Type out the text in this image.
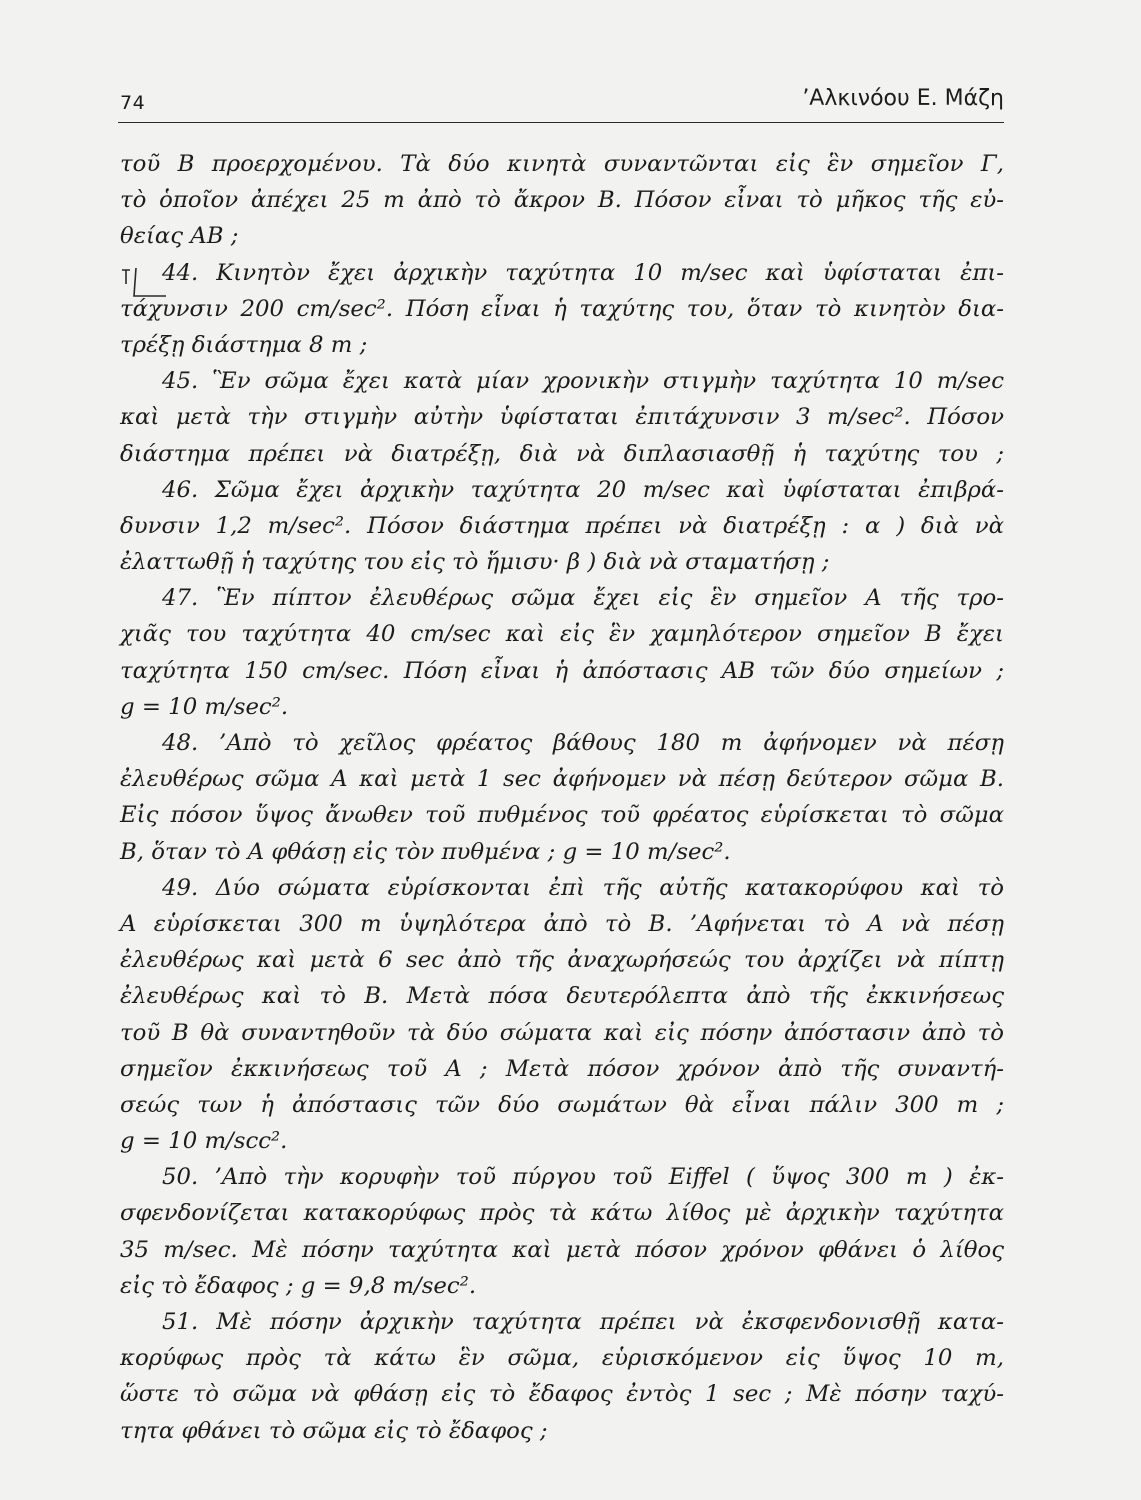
74	’Αλκινόου Ε. Μάζη
τοῦ Β προερχομένου. Τὰ δύο κινητὰ συναντῶνται εἰς ἓν σημεῖον Γ,
τὸ ὁποῖον ἀπέχει 25 m ἀπὸ τὸ ἄκρον Β. Πόσον εἶναι τὸ μῆκος τῆς εὐ-
θείας ΑΒ ;
44. Κινητὸν ἔχει ἀρχικὴν ταχύτητα 10 m/sec καὶ ὑφίσταται ἐπι-
τάχυνσιν 200 cm/sec². Πόση εἶναι ἡ ταχύτης του, ὅταν τὸ κινητὸν δια-
τρέξῃ διάστημα 8 m ;
45. Ἓν σῶμα ἔχει κατὰ μίαν χρονικὴν στιγμὴν ταχύτητα 10 m/sec
καὶ μετὰ τὴν στιγμὴν αὐτὴν ὑφίσταται ἐπιτάχυνσιν 3 m/sec². Πόσον
διάστημα πρέπει νὰ διατρέξῃ, διὰ νὰ διπλασιασθῇ ἡ ταχύτης του ;
46. Σῶμα ἔχει ἀρχικὴν ταχύτητα 20 m/sec καὶ ὑφίσταται ἐπιβρά-
δυνσιν 1,2 m/sec². Πόσον διάστημα πρέπει νὰ διατρέξῃ : α ) διὰ νὰ
ἐλαττωθῇ ἡ ταχύτης του εἰς τὸ ἥμισυ· β ) διὰ νὰ σταματήσῃ ;
47. Ἓν πίπτον ἐλευθέρως σῶμα ἔχει εἰς ἓν σημεῖον Α τῆς τρο-
χιᾶς του ταχύτητα 40 cm/sec καὶ εἰς ἓν χαμηλότερον σημεῖον Β ἔχει
ταχύτητα 150 cm/sec. Πόση εἶναι ἡ ἀπόστασις ΑΒ τῶν δύο σημείων ;
g = 10 m/sec².
48. ’Απὸ τὸ χεῖλος φρέατος βάθους 180 m ἀφήνομεν νὰ πέσῃ
ἐλευθέρως σῶμα Α καὶ μετὰ 1 sec ἀφήνομεν νὰ πέσῃ δεύτερον σῶμα Β.
Εἰς πόσον ὕψος ἄνωθεν τοῦ πυθμένος τοῦ φρέατος εὑρίσκεται τὸ σῶμα
Β, ὅταν τὸ Α φθάσῃ εἰς τὸν πυθμένα ; g = 10 m/sec².
49. Δύο σώματα εὑρίσκονται ἐπὶ τῆς αὐτῆς κατακορύφου καὶ τὸ
Α εὑρίσκεται 300 m ὑψηλότερα ἀπὸ τὸ Β. ’Αφήνεται τὸ Α νὰ πέσῃ
ἐλευθέρως καὶ μετὰ 6 sec ἀπὸ τῆς ἀναχωρήσεώς του ἀρχίζει νὰ πίπτῃ
ἐλευθέρως καὶ τὸ Β. Μετὰ πόσα δευτερόλεπτα ἀπὸ τῆς ἐκκινήσεως
τοῦ Β θὰ συναντηθοῦν τὰ δύο σώματα καὶ εἰς πόσην ἀπόστασιν ἀπὸ τὸ
σημεῖον ἐκκινήσεως τοῦ Α ; Μετὰ πόσον χρόνον ἀπὸ τῆς συναντή-
σεώς των ἡ ἀπόστασις τῶν δύο σωμάτων θὰ εἶναι πάλιν 300 m ;
g = 10 m/scc².
50. ’Απὸ τὴν κορυφὴν τοῦ πύργου τοῦ Eiffel ( ὕψος 300 m ) ἐκ-
σφενδονίζεται κατακορύφως πρὸς τὰ κάτω λίθος μὲ ἀρχικὴν ταχύτητα
35 m/sec. Μὲ πόσην ταχύτητα καὶ μετὰ πόσον χρόνον φθάνει ὁ λίθος
εἰς τὸ ἔδαφος ; g = 9,8 m/sec².
51. Μὲ πόσην ἀρχικὴν ταχύτητα πρέπει νὰ ἐκσφενδονισθῇ κατα-
κορύφως πρὸς τὰ κάτω ἓν σῶμα, εὑρισκόμενον εἰς ὕψος 10 m,
ὥστε τὸ σῶμα νὰ φθάσῃ εἰς τὸ ἔδαφος ἐντὸς 1 sec ; Μὲ πόσην ταχύ-
τητα φθάνει τὸ σῶμα εἰς τὸ ἔδαφος ;
